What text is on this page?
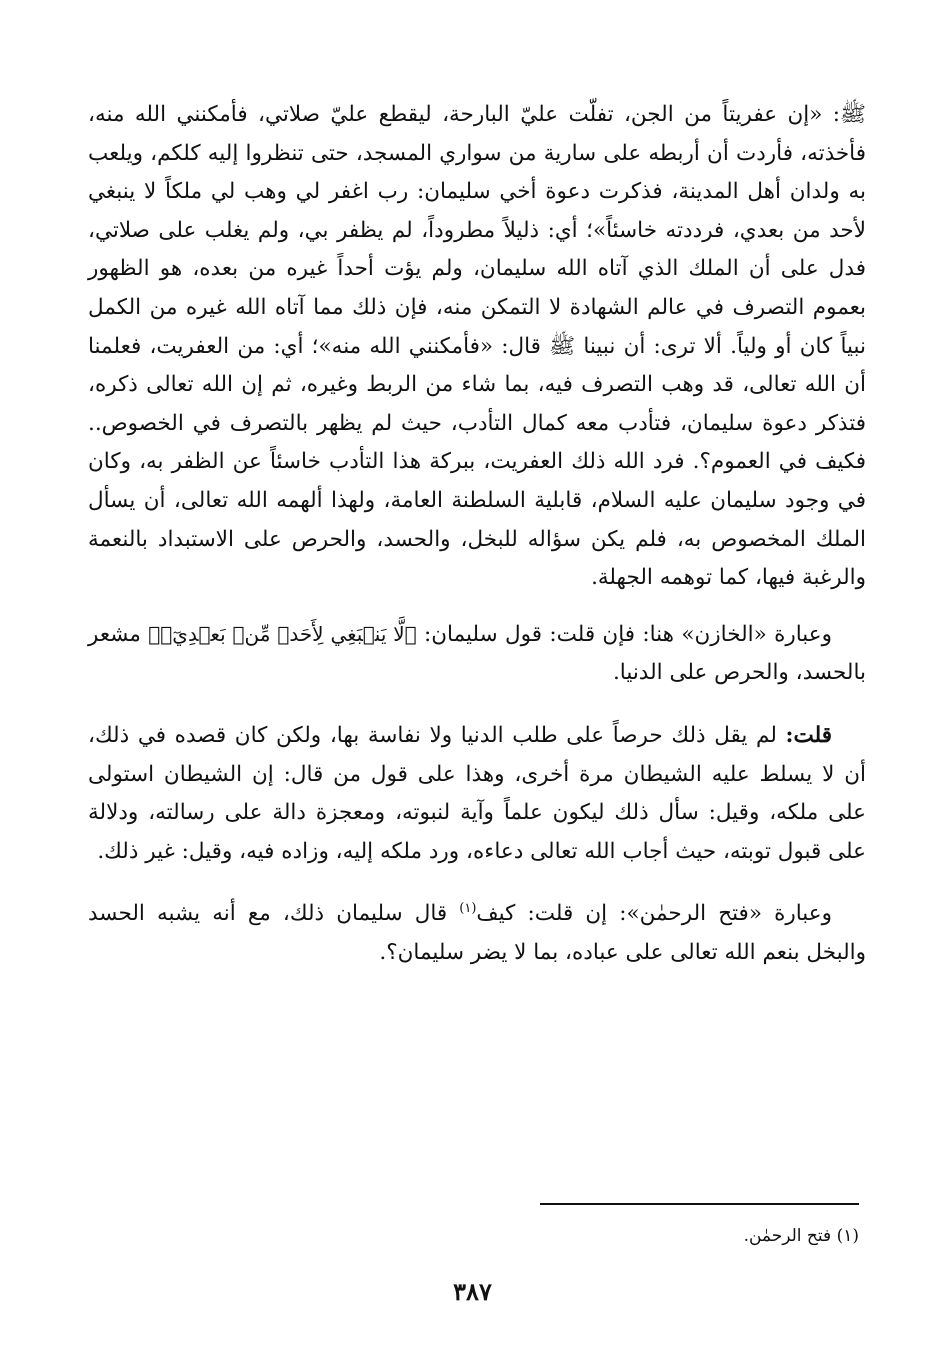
ﷺ: «إن عفريتاً من الجن، تفلّت عليّ البارحة، ليقطع عليّ صلاتي، فأمكنني الله منه، فأخذته، فأردت أن أربطه على سارية من سواري المسجد، حتى تنظروا إليه كلكم، ويلعب به ولدان أهل المدينة، فذكرت دعوة أخي سليمان: رب اغفر لي وهب لي ملكاً لا ينبغي لأحد من بعدي، فرددته خاسئاً»؛ أي: ذليلاً مطروداً، لم يظفر بي، ولم يغلب على صلاتي، فدل على أن الملك الذي آتاه الله سليمان، ولم يؤت أحداً غيره من بعده، هو الظهور بعموم التصرف في عالم الشهادة لا التمكن منه، فإن ذلك مما آتاه الله غيره من الكمل نبياً كان أو ولياً. ألا ترى: أن نبينا ﷺ قال: «فأمكنني الله منه»؛ أي: من العفريت، فعلمنا أن الله تعالى، قد وهب التصرف فيه، بما شاء من الربط وغيره، ثم إن الله تعالى ذكره، فتذكر دعوة سليمان، فتأدب معه كمال التأدب، حيث لم يظهر بالتصرف في الخصوص.. فكيف في العموم؟. فرد الله ذلك العفريت، ببركة هذا التأدب خاسئاً عن الظفر به، وكان في وجود سليمان عليه السلام، قابلية السلطنة العامة، ولهذا ألهمه الله تعالى، أن يسأل الملك المخصوص به، فلم يكن سؤاله للبخل، والحسد، والحرص على الاستبداد بالنعمة والرغبة فيها، كما توهمه الجهلة.

وعبارة «الخازن» هنا: فإن قلت: قول سليمان: ﴿لَّا يَنۢبَغِي لِأَحَدٖ مِّنۢ بَعۡدِيٓۖ﴾ مشعر بالحسد، والحرص على الدنيا.

قلت: لم يقل ذلك حرصاً على طلب الدنيا ولا نفاسة بها، ولكن كان قصده في ذلك، أن لا يسلط عليه الشيطان مرة أخرى، وهذا على قول من قال: إن الشيطان استولى على ملكه، وقيل: سأل ذلك ليكون علماً وآية لنبوته، ومعجزة دالة على رسالته، ودلالة على قبول توبته، حيث أجاب الله تعالى دعاءه، ورد ملكه إليه، وزاده فيه، وقيل: غير ذلك.

وعبارة «فتح الرحمٰن»: إن قلت: كيف$^{(١)}$ قال سليمان ذلك، مع أنه يشبه الحسد والبخل بنعم الله تعالى على عباده، بما لا يضر سليمان؟.

(١) فتح الرحمٰن.
٣٨٧
